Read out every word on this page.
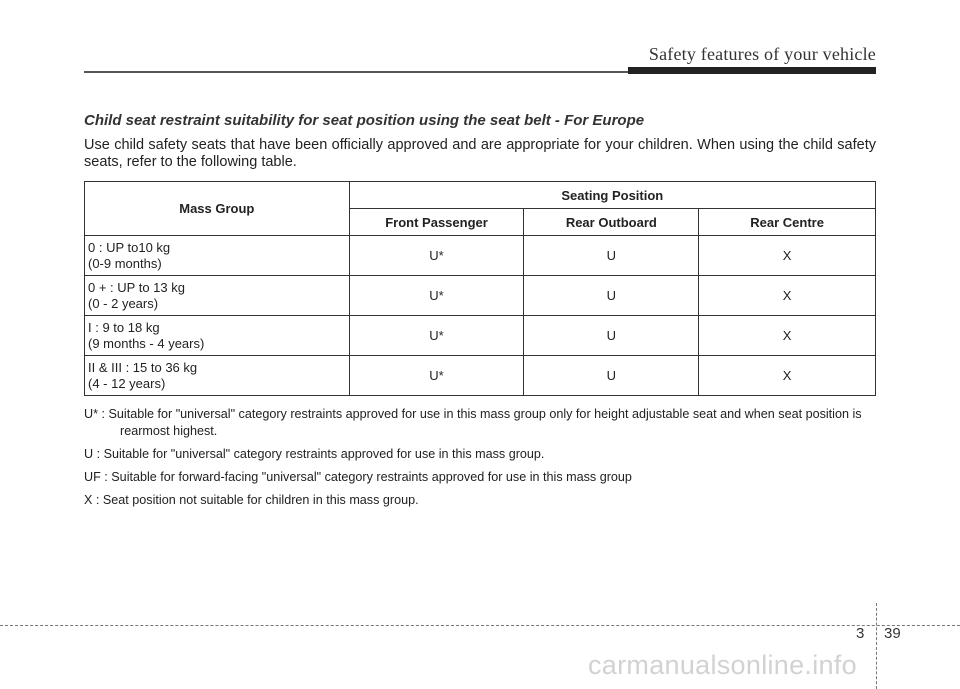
Safety features of your vehicle
Child seat restraint suitability for seat position using the seat belt - For Europe
Use child safety seats that have been officially approved and are appropriate for your children. When using the child safety seats, refer to the following table.
Mass Group	Seating Position		
	Front Passenger	Rear Outboard	Rear Centre
0 : UP to10 kg
(0-9 months)	U*	U	X
0 + : UP to 13 kg
(0 - 2 years)	U*	U	X
I : 9 to 18 kg
(9 months - 4 years)	U*	U	X
II & III : 15 to 36 kg
(4 - 12 years)	U*	U	X

U* : Suitable for "universal" category restraints approved for use in this mass group only for height adjustable seat and when seat position is rearmost highest.

U : Suitable for "universal" category restraints approved for use in this mass group.

UF : Suitable for forward-facing "universal" category restraints approved for use in this mass group

X : Seat position not suitable for children in this mass group.

3 39
carmanualsonline.info
